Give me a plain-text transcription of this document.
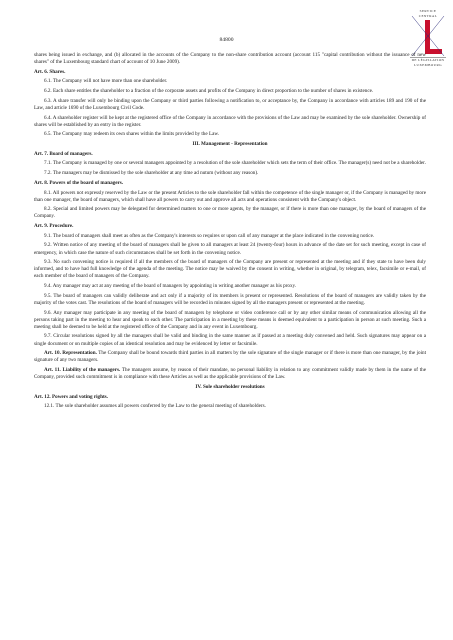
84800
SERVICE
CENTRAL
DE LÉGISLATION
LUXEMBOURG

shares being issued in exchange, and (b) allocated in the accounts of the Company to the non-share contribution account (account 115 "capital contribution without the issuance of new shares" of the Luxembourg standard chart of account of 10 June 2009).

Art. 6. Shares.

6.1. The Company will not have more than one shareholder.

6.2. Each share entitles the shareholder to a fraction of the corporate assets and profits of the Company in direct proportion to the number of shares in existence.

6.3. A share transfer will only be binding upon the Company or third parties following a notification to, or acceptance by, the Company in accordance with articles 189 and 190 of the Law, and article 1690 of the Luxembourg Civil Code.

6.4. A shareholder register will be kept at the registered office of the Company in accordance with the provisions of the Law and may be examined by the sole shareholder. Ownership of shares will be established by an entry in the register.

6.5. The Company may redeem its own shares within the limits provided by the Law.

III. Management - Representation

Art. 7. Board of managers.

7.1. The Company is managed by one or several managers appointed by a resolution of the sole shareholder which sets the term of their office. The manager(s) need not be a shareholder.

7.2. The managers may be dismissed by the sole shareholder at any time ad nutum (without any reason).

Art. 8. Powers of the board of managers.

8.1. All powers not expressly reserved by the Law or the present Articles to the sole shareholder fall within the competence of the single manager or, if the Company is managed by more than one manager, the board of managers, which shall have all powers to carry out and approve all acts and operations consistent with the Company's object.

8.2. Special and limited powers may be delegated for determined matters to one or more agents, by the manager, or if there is more than one manager, by the board of managers of the Company.

Art. 9. Procedure.

9.1. The board of managers shall meet as often as the Company's interests so requires or upon call of any manager at the place indicated in the convening notice.

9.2. Written notice of any meeting of the board of managers shall be given to all managers at least 24 (twenty-four) hours in advance of the date set for such meeting, except in case of emergency, in which case the nature of such circumstances shall be set forth in the convening notice.

9.3. No such convening notice is required if all the members of the board of managers of the Company are present or represented at the meeting and if they state to have been duly informed, and to have had full knowledge of the agenda of the meeting. The notice may be waived by the consent in writing, whether in original, by telegram, telex, facsimile or e-mail, of each member of the board of managers of the Company.

9.4. Any manager may act at any meeting of the board of managers by appointing in writing another manager as his proxy.

9.5. The board of managers can validly deliberate and act only if a majority of its members is present or represented. Resolutions of the board of managers are validly taken by the majority of the votes cast. The resolutions of the board of managers will be recorded in minutes signed by all the managers present or represented at the meeting.

9.6. Any manager may participate in any meeting of the board of managers by telephone or video conference call or by any other similar means of communication allowing all the persons taking part in the meeting to hear and speak to each other. The participation in a meeting by these means is deemed equivalent to a participation in person at such meeting. Such a meeting shall be deemed to be held at the registered office of the Company and in any event in Luxembourg.

9.7. Circular resolutions signed by all the managers shall be valid and binding in the same manner as if passed at a meeting duly convened and held. Such signatures may appear on a single document or on multiple copies of an identical resolution and may be evidenced by letter or facsimile.

Art. 10. Representation. The Company shall be bound towards third parties in all matters by the sole signature of the single manager or if there is more than one manager, by the joint signature of any two managers.

Art. 11. Liability of the managers. The managers assume, by reason of their mandate, no personal liability in relation to any commitment validly made by them in the name of the Company, provided such commitment is in compliance with these Articles as well as the applicable provisions of the Law.

IV. Sole shareholder resolutions

Art. 12. Powers and voting rights.

12.1. The sole shareholder assumes all powers conferred by the Law to the general meeting of shareholders.
